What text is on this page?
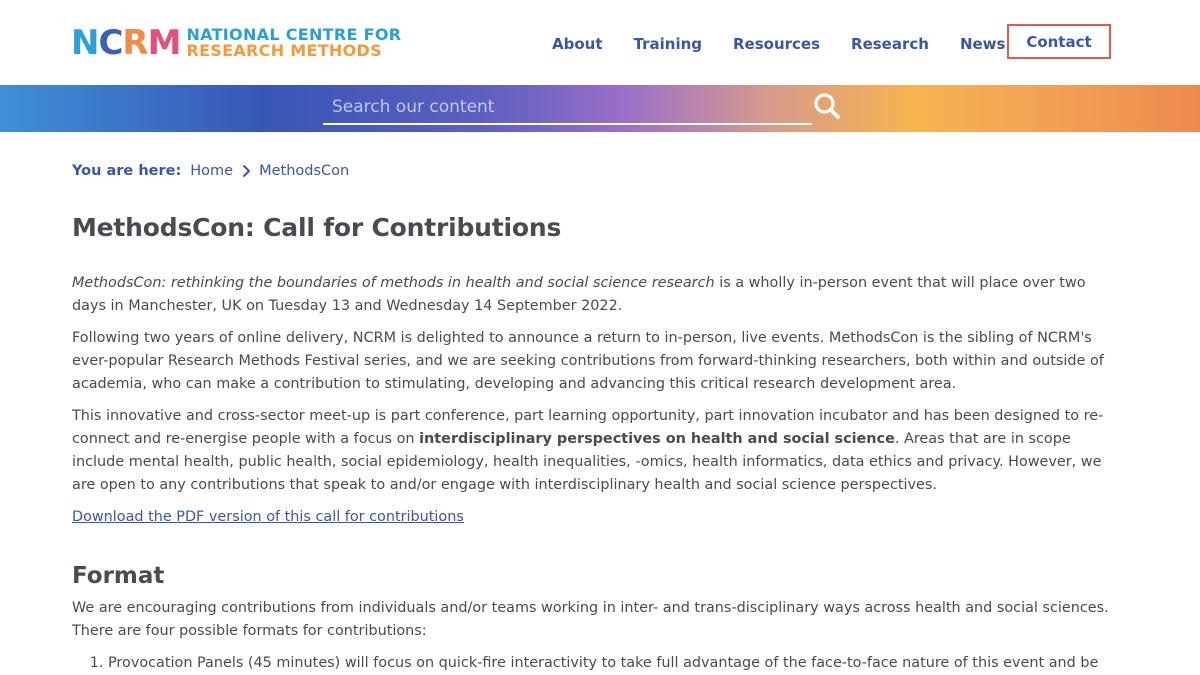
N C R M NATIONAL CENTRE FOR
RESEARCH METHODS	About Training Resources Research News	Contact
Search our content
You are here: Home MethodsCon
MethodsCon: Call for Contributions

MethodsCon: rethinking the boundaries of methods in health and social science research is a wholly in-person event that will place over two days in Manchester, UK on Tuesday 13 and Wednesday 14 September 2022.

Following two years of online delivery, NCRM is delighted to announce a return to in-person, live events. MethodsCon is the sibling of NCRM's ever-popular Research Methods Festival series, and we are seeking contributions from forward-thinking researchers, both within and outside of academia, who can make a contribution to stimulating, developing and advancing this critical research development area.

This innovative and cross-sector meet-up is part conference, part learning opportunity, part innovation incubator and has been designed to re-connect and re-energise people with a focus on interdisciplinary perspectives on health and social science. Areas that are in scope include mental health, public health, social epidemiology, health inequalities, -omics, health informatics, data ethics and privacy. However, we are open to any contributions that speak to and/or engage with interdisciplinary health and social science perspectives.

Download the PDF version of this call for contributions
Format

We are encouraging contributions from individuals and/or teams working in inter- and trans-disciplinary ways across health and social sciences. There are four possible formats for contributions:

1. Provocation Panels (45 minutes) will focus on quick-fire interactivity to take full advantage of the face-to-face nature of this event and be
